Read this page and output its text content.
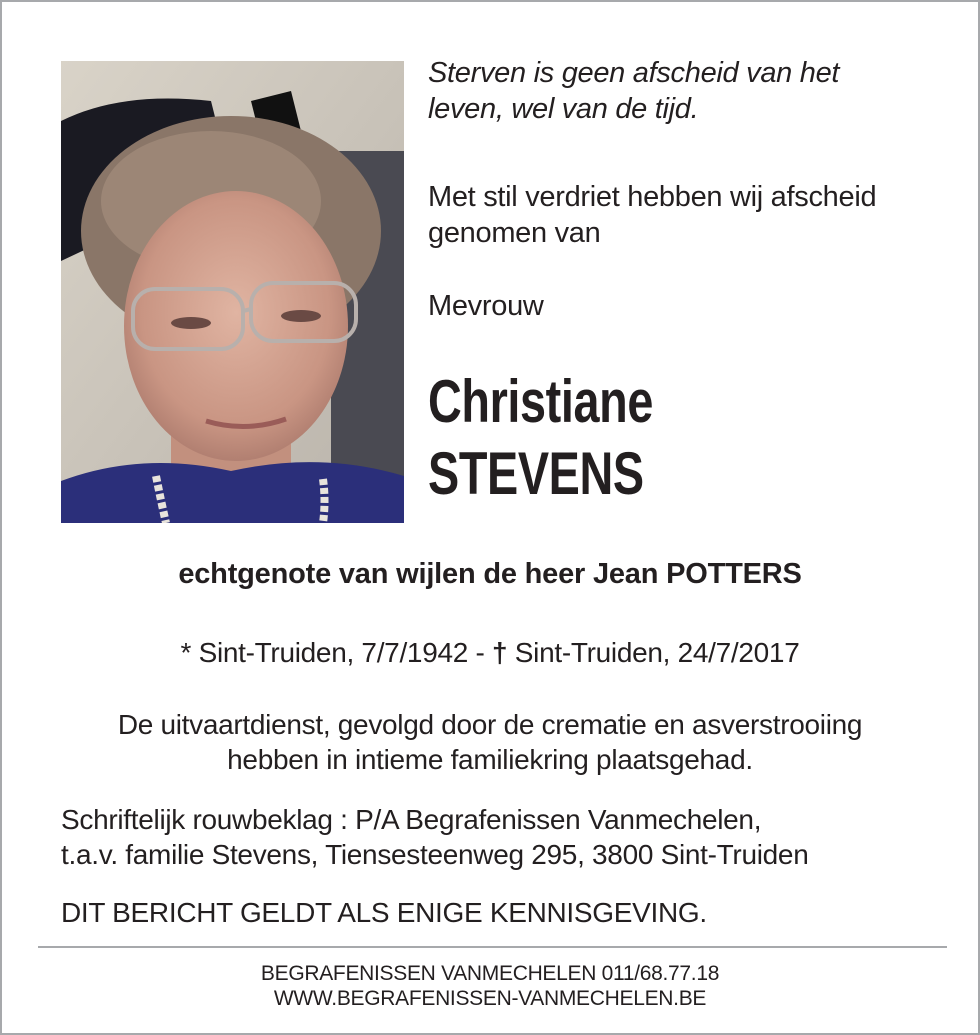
Sterven is geen afscheid van het
leven, wel van de tijd.
Met stil verdriet hebben wij afscheid
genomen van
Mevrouw
Christiane
STEVENS
echtgenote van wijlen de heer Jean POTTERS
* Sint-Truiden, 7/7/1942 - † Sint-Truiden, 24/7/2017
De uitvaartdienst, gevolgd door de crematie en asverstrooiing
hebben in intieme familiekring plaatsgehad.
Schriftelijk rouwbeklag : P/A Begrafenissen Vanmechelen,
t.a.v. familie Stevens, Tiensesteenweg 295, 3800 Sint-Truiden
DIT BERICHT GELDT ALS ENIGE KENNISGEVING.
BEGRAFENISSEN VANMECHELEN 011/68.77.18
WWW.BEGRAFENISSEN-VANMECHELEN.BE
